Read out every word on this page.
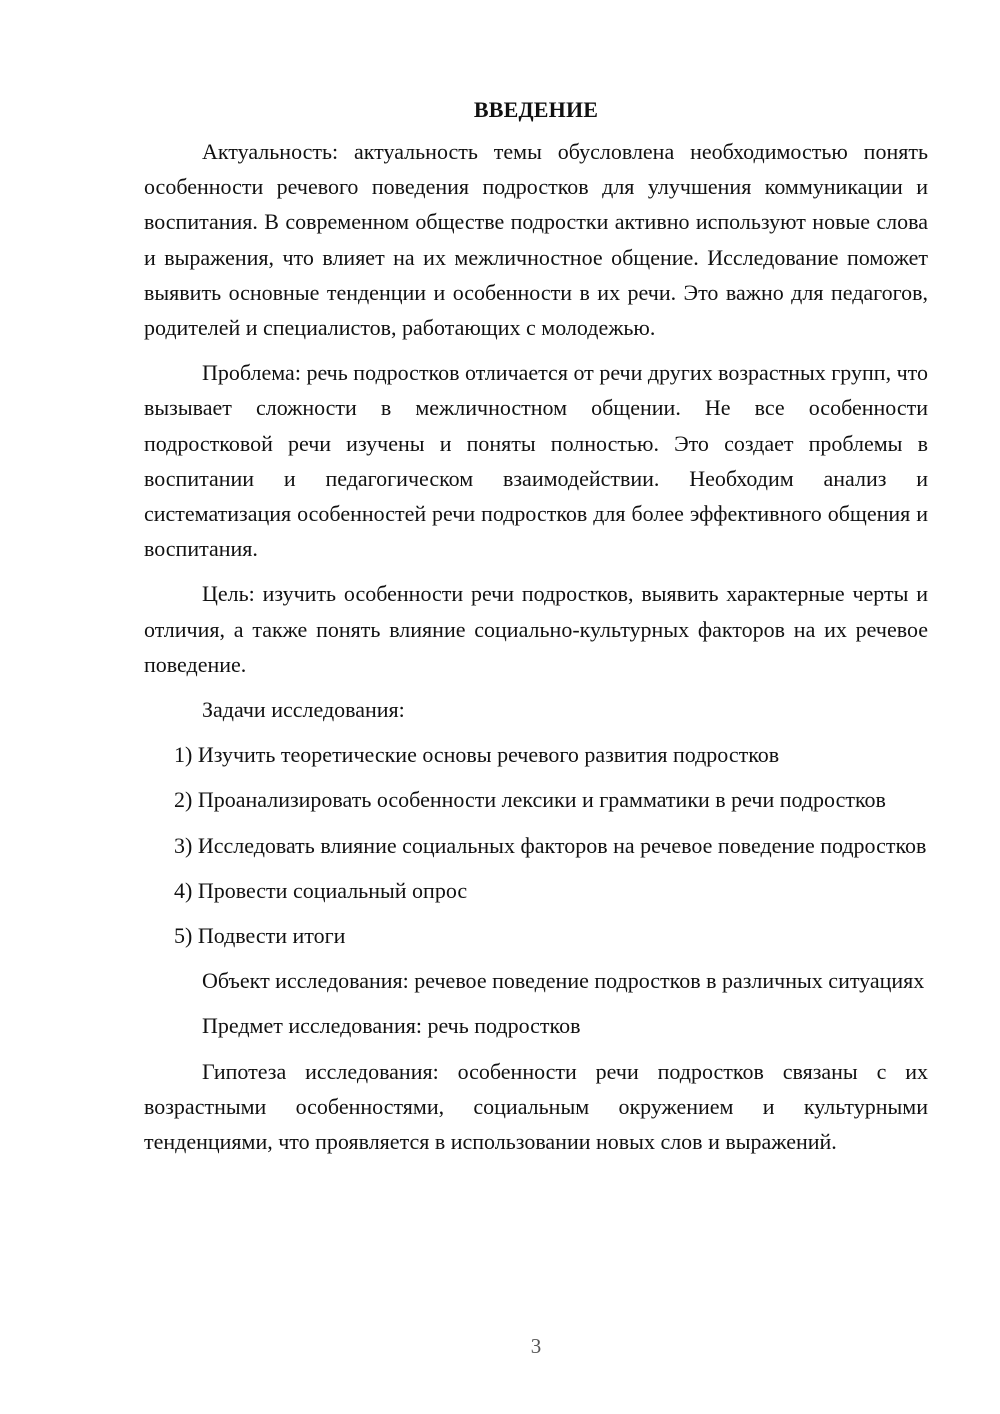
ВВЕДЕНИЕ

Актуальность: актуальность темы обусловлена необходимостью понять особенности речевого поведения подростков для улучшения коммуникации и воспитания. В современном обществе подростки активно используют новые слова и выражения, что влияет на их межличностное общение. Исследование поможет выявить основные тенденции и особенности в их речи. Это важно для педагогов, родителей и специалистов, работающих с молодежью.

Проблема: речь подростков отличается от речи других возрастных групп, что вызывает сложности в межличностном общении. Не все особенности подростковой речи изучены и поняты полностью. Это создает проблемы в воспитании и педагогическом взаимодействии. Необходим анализ и систематизация особенностей речи подростков для более эффективного общения и воспитания.

Цель: изучить особенности речи подростков, выявить характерные черты и отличия, а также понять влияние социально-культурных факторов на их речевое поведение.

Задачи исследования:

1) Изучить теоретические основы речевого развития подростков

2) Проанализировать особенности лексики и грамматики в речи подростков

3) Исследовать влияние социальных факторов на речевое поведение подростков

4) Провести социальный опрос

5) Подвести итоги

Объект исследования: речевое поведение подростков в различных ситуациях

Предмет исследования: речь подростков

Гипотеза исследования: особенности речи подростков связаны с их возрастными особенностями, социальным окружением и культурными тенденциями, что проявляется в использовании новых слов и выражений.

3
